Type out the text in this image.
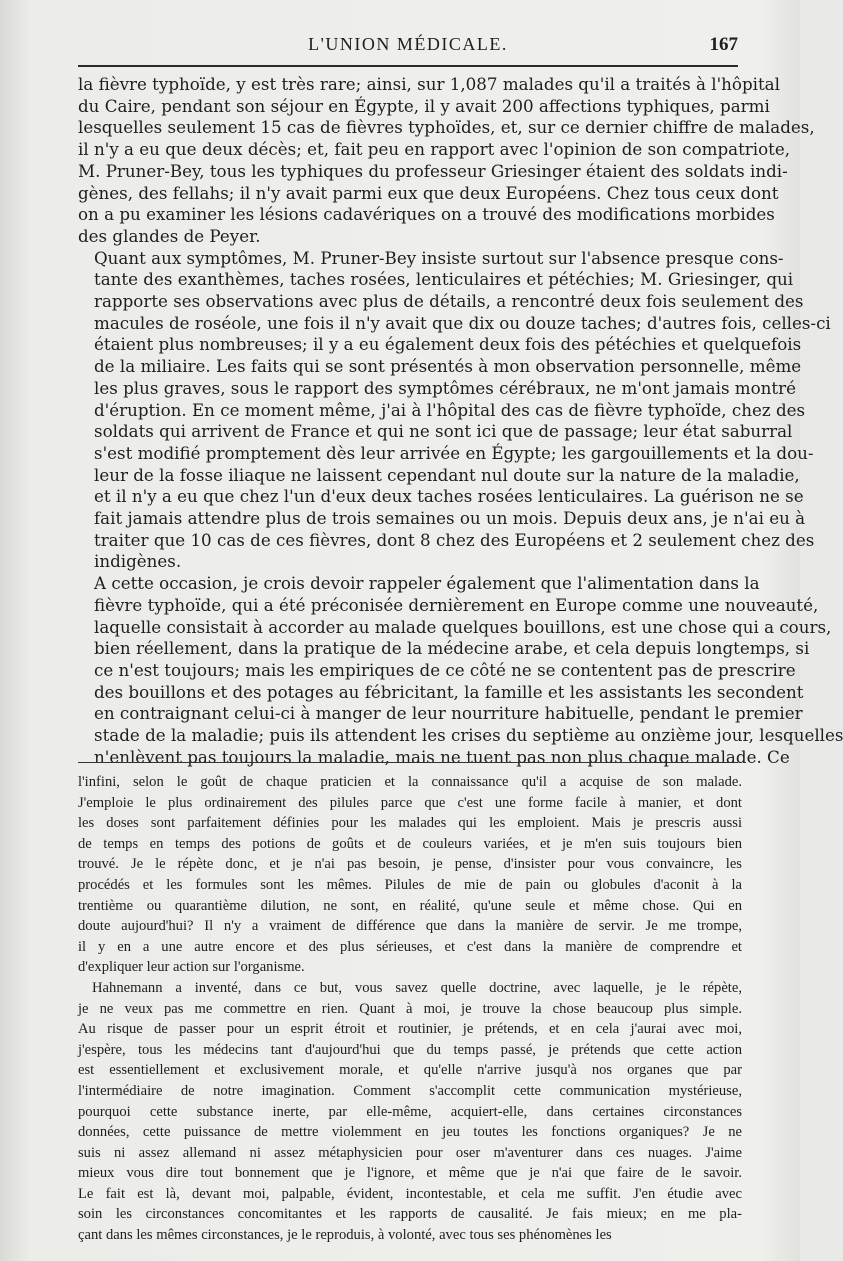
L'UNION MÉDICALE.	167

la fièvre typhoïde, y est très rare; ainsi, sur 1,087 malades qu'il a traités à l'hôpital
du Caire, pendant son séjour en Égypte, il y avait 200 affections typhiques, parmi
lesquelles seulement 15 cas de fièvres typhoïdes, et, sur ce dernier chiffre de malades,
il n'y a eu que deux décès; et, fait peu en rapport avec l'opinion de son compatriote,
M. Pruner-Bey, tous les typhiques du professeur Griesinger étaient des soldats indi-
gènes, des fellahs; il n'y avait parmi eux que deux Européens. Chez tous ceux dont
on a pu examiner les lésions cadavériques on a trouvé des modifications morbides
des glandes de Peyer.

Quant aux symptômes, M. Pruner-Bey insiste surtout sur l'absence presque cons-
tante des exanthèmes, taches rosées, lenticulaires et pétéchies; M. Griesinger, qui
rapporte ses observations avec plus de détails, a rencontré deux fois seulement des
macules de roséole, une fois il n'y avait que dix ou douze taches; d'autres fois, celles-ci
étaient plus nombreuses; il y a eu également deux fois des pétéchies et quelquefois
de la miliaire. Les faits qui se sont présentés à mon observation personnelle, même
les plus graves, sous le rapport des symptômes cérébraux, ne m'ont jamais montré
d'éruption. En ce moment même, j'ai à l'hôpital des cas de fièvre typhoïde, chez des
soldats qui arrivent de France et qui ne sont ici que de passage; leur état saburral
s'est modifié promptement dès leur arrivée en Égypte; les gargouillements et la dou-
leur de la fosse iliaque ne laissent cependant nul doute sur la nature de la maladie,
et il n'y a eu que chez l'un d'eux deux taches rosées lenticulaires. La guérison ne se
fait jamais attendre plus de trois semaines ou un mois. Depuis deux ans, je n'ai eu à
traiter que 10 cas de ces fièvres, dont 8 chez des Européens et 2 seulement chez des
indigènes.

A cette occasion, je crois devoir rappeler également que l'alimentation dans la
fièvre typhoïde, qui a été préconisée dernièrement en Europe comme une nouveauté,
laquelle consistait à accorder au malade quelques bouillons, est une chose qui a cours,
bien réellement, dans la pratique de la médecine arabe, et cela depuis longtemps, si
ce n'est toujours; mais les empiriques de ce côté ne se contentent pas de prescrire
des bouillons et des potages au fébricitant, la famille et les assistants les secondent
en contraignant celui-ci à manger de leur nourriture habituelle, pendant le premier
stade de la maladie; puis ils attendent les crises du septième au onzième jour, lesquelles
n'enlèvent pas toujours la maladie, mais ne tuent pas non plus chaque malade. Ce

l'infini, selon le goût de chaque praticien et la connaissance qu'il a acquise de son malade.
J'emploie le plus ordinairement des pilules parce que c'est une forme facile à manier, et dont
les doses sont parfaitement définies pour les malades qui les emploient. Mais je prescris aussi
de temps en temps des potions de goûts et de couleurs variées, et je m'en suis toujours bien
trouvé. Je le répète donc, et je n'ai pas besoin, je pense, d'insister pour vous convaincre, les
procédés et les formules sont les mêmes. Pilules de mie de pain ou globules d'aconit à la
trentième ou quarantième dilution, ne sont, en réalité, qu'une seule et même chose. Qui en
doute aujourd'hui? Il n'y a vraiment de différence que dans la manière de servir. Je me trompe,
il y en a une autre encore et des plus sérieuses, et c'est dans la manière de comprendre et
d'expliquer leur action sur l'organisme.

Hahnemann a inventé, dans ce but, vous savez quelle doctrine, avec laquelle, je le répète,
je ne veux pas me commettre en rien. Quant à moi, je trouve la chose beaucoup plus simple.
Au risque de passer pour un esprit étroit et routinier, je prétends, et en cela j'aurai avec moi,
j'espère, tous les médecins tant d'aujourd'hui que du temps passé, je prétends que cette action
est essentiellement et exclusivement morale, et qu'elle n'arrive jusqu'à nos organes que par
l'intermédiaire de notre imagination. Comment s'accomplit cette communication mystérieuse,
pourquoi cette substance inerte, par elle-même, acquiert-elle, dans certaines circonstances
données, cette puissance de mettre violemment en jeu toutes les fonctions organiques? Je ne
suis ni assez allemand ni assez métaphysicien pour oser m'aventurer dans ces nuages. J'aime
mieux vous dire tout bonnement que je l'ignore, et même que je n'ai que faire de le savoir.
Le fait est là, devant moi, palpable, évident, incontestable, et cela me suffit. J'en étudie avec
soin les circonstances concomitantes et les rapports de causalité. Je fais mieux; en me pla-
çant dans les mêmes circonstances, je le reproduis, à volonté, avec tous ses phénomènes les
